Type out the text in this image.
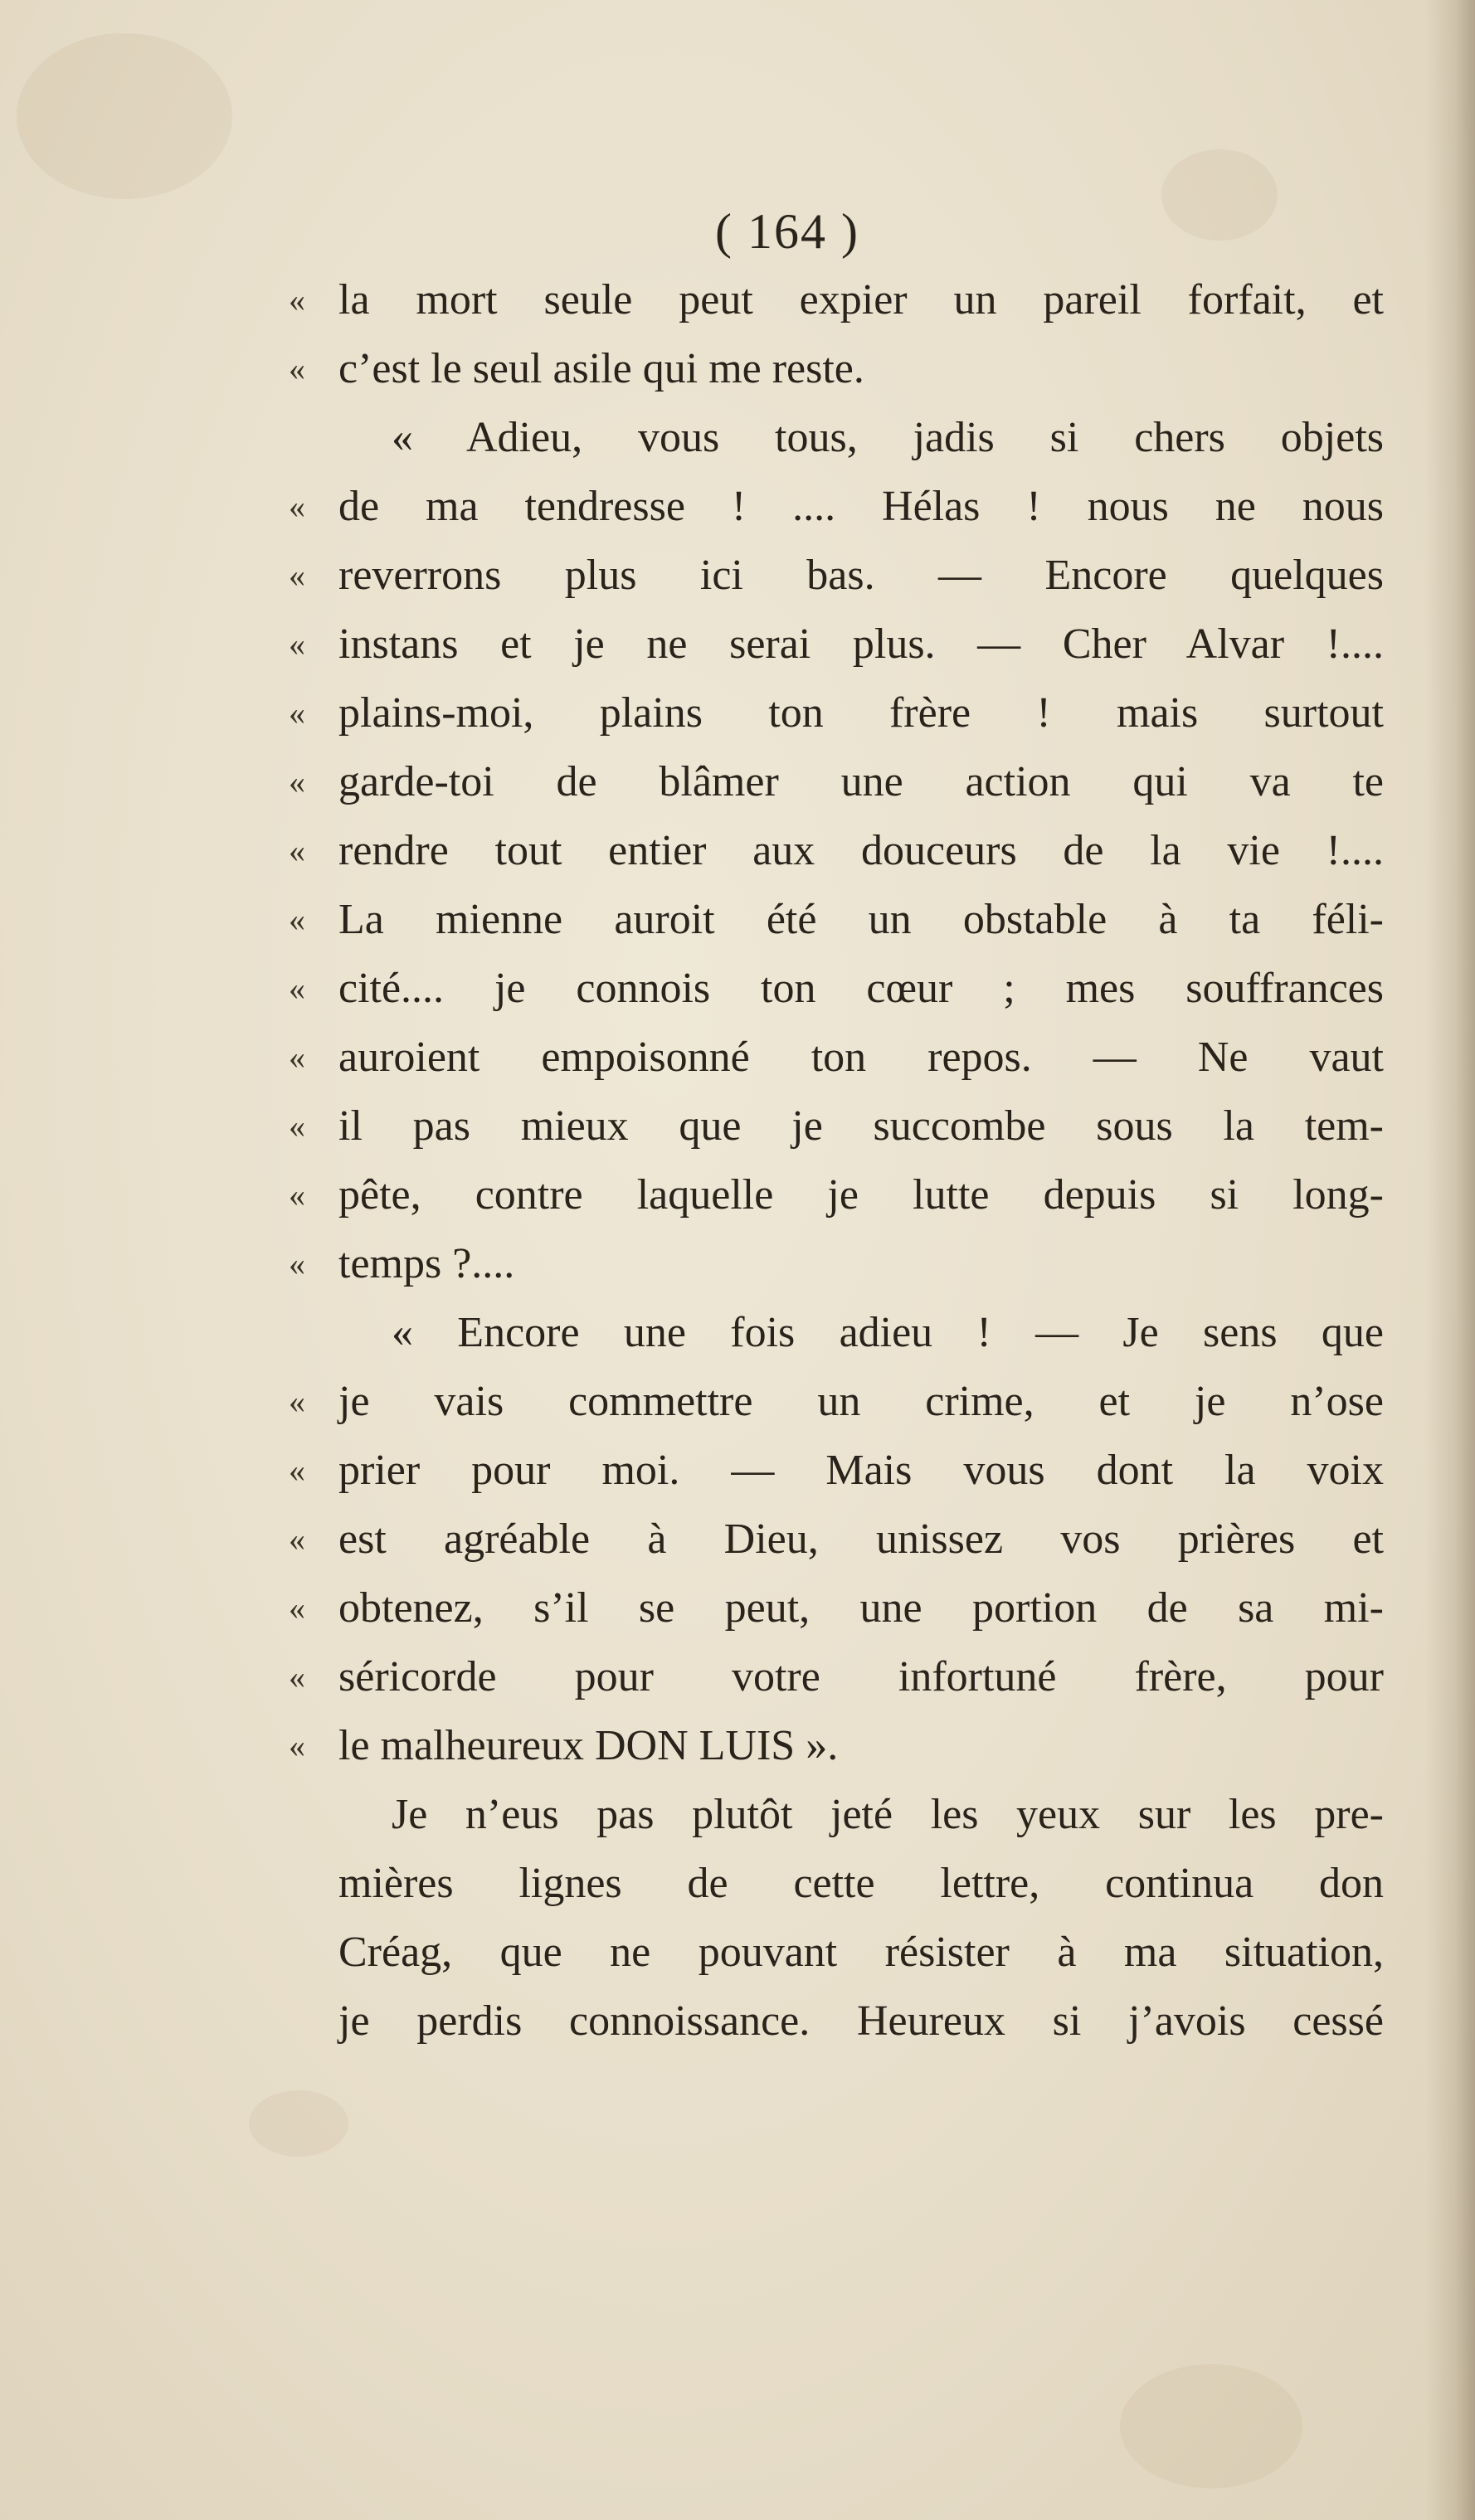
( 164 )
« la mort seule peut expier un pareil forfait, et
« c’est le seul asile qui me reste.
« Adieu, vous tous, jadis si chers objets
« de ma tendresse ! .... Hélas ! nous ne nous
« reverrons plus ici bas. — Encore quelques
« instans et je ne serai plus. — Cher Alvar !....
« plains-moi, plains ton frère ! mais surtout
« garde-toi de blâmer une action qui va te
« rendre tout entier aux douceurs de la vie !....
« La mienne auroit été un obstable à ta féli-
« cité.... je connois ton cœur ; mes souffrances
« auroient empoisonné ton repos. — Ne vaut
« il pas mieux que je succombe sous la tem-
« pête, contre laquelle je lutte depuis si long-
« temps ?....
« Encore une fois adieu ! — Je sens que
« je vais commettre un crime, et je n’ose
« prier pour moi. — Mais vous dont la voix
« est agréable à Dieu, unissez vos prières et
« obtenez, s’il se peut, une portion de sa mi-
« séricorde pour votre infortuné frère, pour
« le malheureux DON LUIS ».
Je n’eus pas plutôt jeté les yeux sur les pre-
mières lignes de cette lettre, continua don
Créag, que ne pouvant résister à ma situation,
je perdis connoissance. Heureux si j’avois cessé
